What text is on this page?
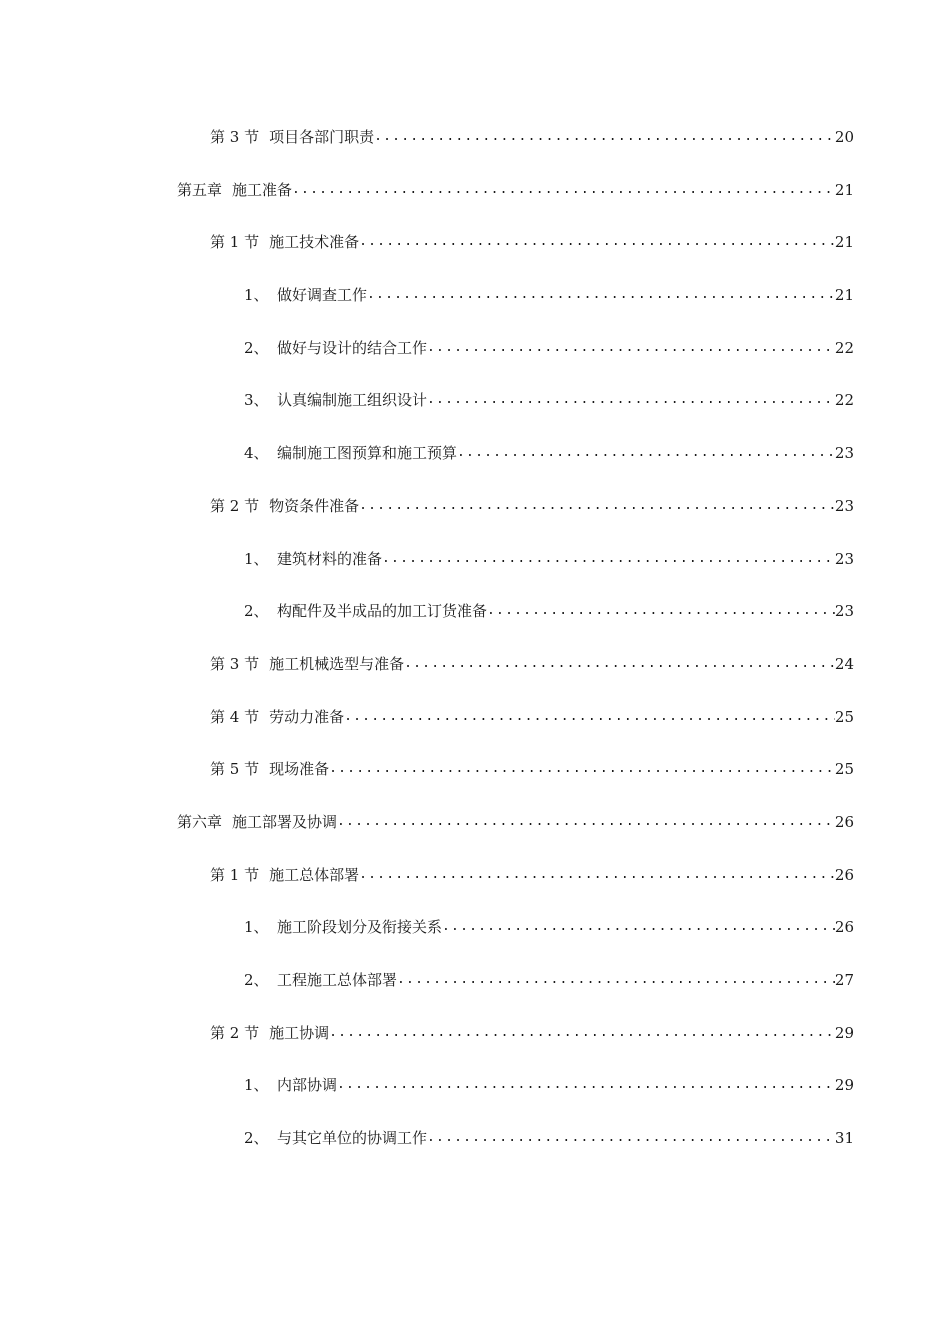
第 3 节 项目各部门职责 .....	20
第五章 施工准备 .....	21
第 1 节 施工技术准备 .....	21
1、 做好调查工作 .....	21
2、 做好与设计的结合工作 .....	22
3、 认真编制施工组织设计 .....	22
4、 编制施工图预算和施工预算 .....	23
第 2 节 物资条件准备 .....	23
1、 建筑材料的准备 .....	23
2、 构配件及半成品的加工订货准备 .....	23
第 3 节 施工机械选型与准备 .....	24
第 4 节 劳动力准备 .....	25
第 5 节 现场准备 .....	25
第六章 施工部署及协调 .....	26
第 1 节 施工总体部署 .....	26
1、 施工阶段划分及衔接关系 .....	26
2、 工程施工总体部署 .....	27
第 2 节 施工协调 .....	29
1、 内部协调 .....	29
2、 与其它单位的协调工作 .....	31
